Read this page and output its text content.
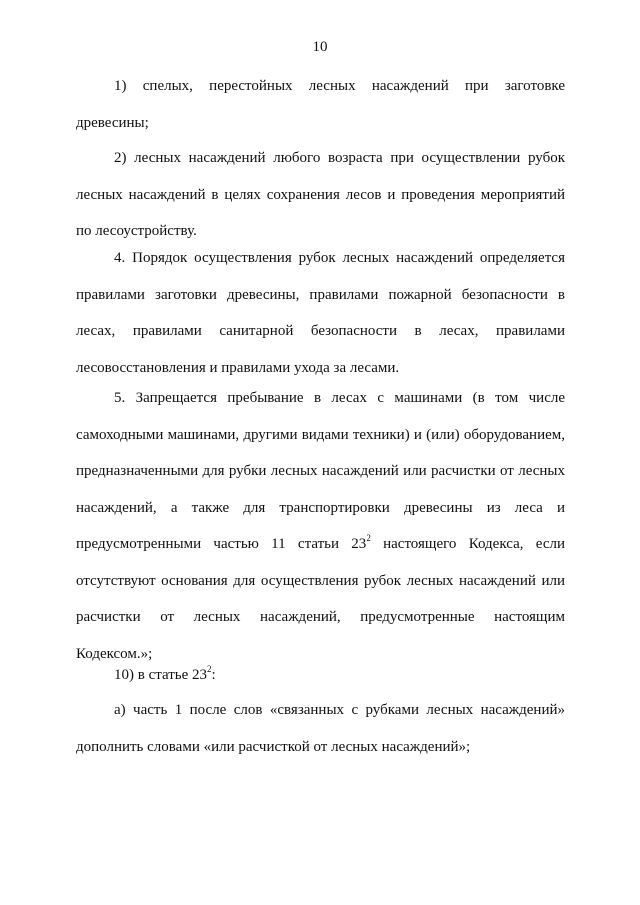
10

1) спелых, перестойных лесных насаждений при заготовке древесины;

2) лесных насаждений любого возраста при осуществлении рубок лесных насаждений в целях сохранения лесов и проведения мероприятий по лесоустройству.

4. Порядок осуществления рубок лесных насаждений определяется правилами заготовки древесины, правилами пожарной безопасности в лесах, правилами санитарной безопасности в лесах, правилами лесовосстановления и правилами ухода за лесами.

5. Запрещается пребывание в лесах с машинами (в том числе самоходными машинами, другими видами техники) и (или) оборудованием, предназначенными для рубки лесных насаждений или расчистки от лесных насаждений, а также для транспортировки древесины из леса и предусмотренными частью 11 статьи $23^2$ настоящего Кодекса, если отсутствуют основания для осуществления рубок лесных насаждений или расчистки от лесных насаждений, предусмотренные настоящим Кодексом.»;

10) в статье $23^2$:

а) часть 1 после слов «связанных с рубками лесных насаждений» дополнить словами «или расчисткой от лесных насаждений»;
